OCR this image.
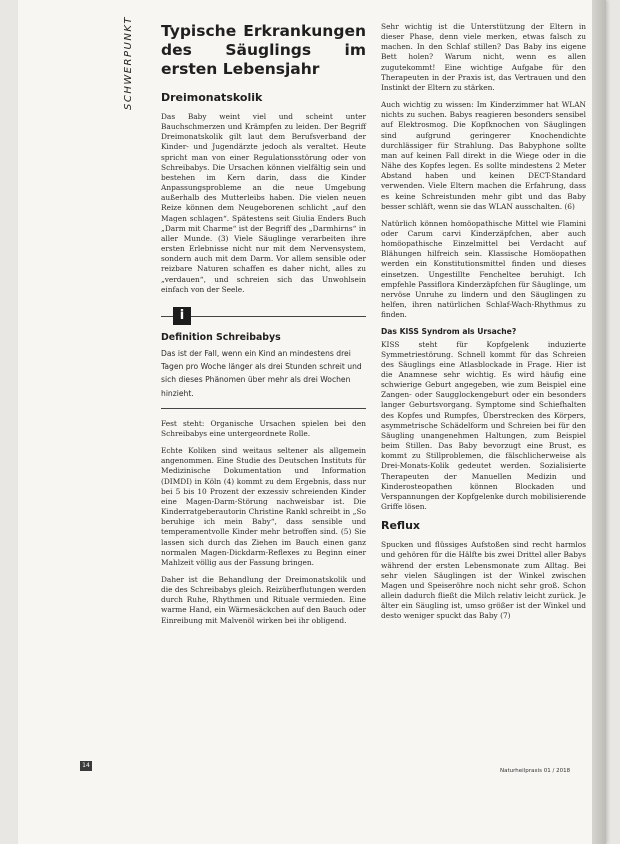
SCHWERPUNKT Typische Erkrankungen des Säuglings im ersten Lebensjahr
Dreimonatskolik

Das Baby weint viel und scheint unter Bauchschmerzen und Krämpfen zu leiden. Der Begriff Dreimonatskolik gilt laut dem Berufsverband der Kinder- und Jugendärzte jedoch als veraltet. Heute spricht man von einer Regulationsstörung oder von Schreibabys. Die Ursachen können vielfältig sein und bestehen im Kern darin, dass die Kinder Anpassungsprobleme an die neue Umgebung außerhalb des Mutterleibs haben. Die vielen neuen Reize können dem Neugeborenen schlicht „auf den Magen schlagen“. Spätestens seit Giulia Enders Buch „Darm mit Charme“ ist der Begriff des „Darmhirns“ in aller Munde. (3) Viele Säuglinge verarbeiten ihre ersten Erlebnisse nicht nur mit dem Nervensystem, sondern auch mit dem Darm. Vor allem sensible oder reizbare Naturen schaffen es daher nicht, alles zu „verdauen“, und schreien sich das Unwohlsein einfach von der Seele.

i
Definition Schreibabys
Das ist der Fall, wenn ein Kind an mindestens drei Tagen pro Woche länger als drei Stunden schreit und sich dieses Phänomen über mehr als drei Wochen hinzieht.

Fest steht: Organische Ursachen spielen bei den Schreibabys eine untergeordnete Rolle.

Echte Koliken sind weitaus seltener als allgemein angenommen. Eine Studie des Deutschen Instituts für Medizinische Dokumentation und Information (DIMDI) in Köln (4) kommt zu dem Ergebnis, dass nur bei 5 bis 10 Prozent der exzessiv schreienden Kinder eine Magen-Darm-Störung nachweisbar ist. Die Kinderratgeberautorin Christine Rankl schreibt in „So beruhige ich mein Baby“, dass sensible und temperamentvolle Kinder mehr betroffen sind. (5) Sie lassen sich durch das Ziehen im Bauch einen ganz normalen Magen-Dickdarm-Reflexes zu Beginn einer Mahlzeit völlig aus der Fassung bringen.

Daher ist die Behandlung der Dreimonatskolik und die des Schreibabys gleich. Reizüberflutungen werden durch Ruhe, Rhythmen und Rituale vermieden. Eine warme Hand, ein Wärmesäckchen auf den Bauch oder Einreibung mit Malvenöl wirken bei ihr obligend.

Sehr wichtig ist die Unterstützung der Eltern in dieser Phase, denn viele merken, etwas falsch zu machen. In den Schlaf stillen? Das Baby ins eigene Bett holen? Warum nicht, wenn es allen zugutekommt! Eine wichtige Aufgabe für den Therapeuten in der Praxis ist, das Vertrauen und den Instinkt der Eltern zu stärken.

Auch wichtig zu wissen: Im Kinderzimmer hat WLAN nichts zu suchen. Babys reagieren besonders sensibel auf Elektrosmog. Die Kopfknochen von Säuglingen sind aufgrund geringerer Knochendichte durchlässiger für Strahlung. Das Babyphone sollte man auf keinen Fall direkt in die Wiege oder in die Nähe des Kopfes legen. Es sollte mindestens 2 Meter Abstand haben und keinen DECT-Standard verwenden. Viele Eltern machen die Erfahrung, dass es keine Schreistunden mehr gibt und das Baby besser schläft, wenn sie das WLAN ausschalten. (6)

Natürlich können homöopathische Mittel wie Flamini oder Carum carvi Kinderzäpfchen, aber auch homöopathische Einzelmittel bei Verdacht auf Blähungen hilfreich sein. Klassische Homöopathen werden ein Konstitutionsmittel finden und dieses einsetzen. Ungestillte Fencheltee beruhigt. Ich empfehle Passiflora Kinderzäpfchen für Säuglinge, um nervöse Unruhe zu lindern und den Säuglingen zu helfen, ihren natürlichen Schlaf-Wach-Rhythmus zu finden.

Das KISS Syndrom als Ursache?

KISS steht für Kopfgelenk induzierte Symmetriestörung. Schnell kommt für das Schreien des Säuglings eine Atlasblockade in Frage. Hier ist die Anamnese sehr wichtig. Es wird häufig eine schwierige Geburt angegeben, wie zum Beispiel eine Zangen- oder Saugglockengeburt oder ein besonders langer Geburtsvorgang. Symptome sind Schiefhalten des Kopfes und Rumpfes, Überstrecken des Körpers, asymmetrische Schädelform und Schreien bei für den Säugling unangenehmen Haltungen, zum Beispiel beim Stillen. Das Baby bevorzugt eine Brust, es kommt zu Stillproblemen, die fälschlicherweise als Drei-Monats-Kolik gedeutet werden. Sozialisierte Therapeuten der Manuellen Medizin und Kinderosteopathen können Blockaden und Verspannungen der Kopfgelenke durch mobilisierende Griffe lösen.

Reflux

Spucken und flüssiges Aufstoßen sind recht harmlos und gehören für die Hälfte bis zwei Drittel aller Babys während der ersten Lebensmonate zum Alltag. Bei sehr vielen Säuglingen ist der Winkel zwischen Magen und Speiseröhre noch nicht sehr groß. Schon allein dadurch fließt die Milch relativ leicht zurück. Je älter ein Säugling ist, umso größer ist der Winkel und desto weniger spuckt das Baby (7)

14
Naturheilpraxis 01 / 2018
